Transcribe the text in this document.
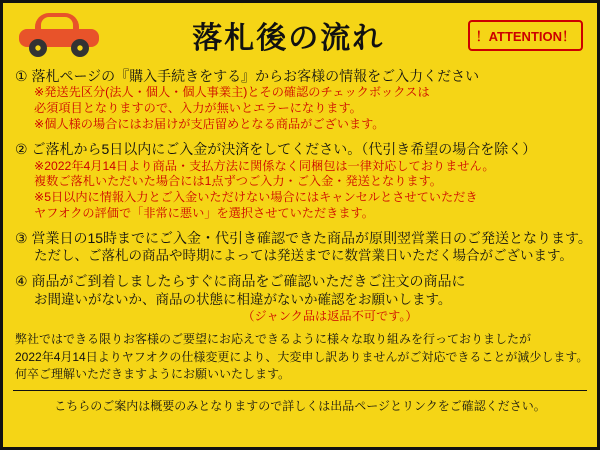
落札後の流れ	！ATTENTION！
① 落札ページの『購入手続きをする』からお客様の情報をご入力ください
※発送先区分(法人・個人・個人事業主)とその確認のチェックボックスは
必須項目となりますので、入力が無いとエラーになります。
※個人様の場合にはお届けが支店留めとなる商品がございます。
② ご落札から5日以内にご入金が決済をしてください。（代引き希望の場合を除く）
※2022年4月14日より商品・支払方法に関係なく同梱包は一律対応しておりません。
複数ご落札いただいた場合には1点ずつご入力・ご入金・発送となります。
※5日以内に情報入力とご入金いただけない場合にはキャンセルとさせていただき
ヤフオクの評価で「非常に悪い」を選択させていただきます。
③ 営業日の15時までにご入金・代引き確認できた商品が原則翌営業日のご発送となります。
ただし、ご落札の商品や時期によっては発送までに数営業日いただく場合がございます。
④ 商品がご到着しましたらすぐに商品をご確認いただきご注文の商品に
お間違いがないか、商品の状態に相違がないか確認をお願いします。
（ジャンク品は返品不可です。）
弊社ではできる限りお客様のご要望にお応えできるように様々な取り組みを行っておりましたが
2022年4月14日よりヤフオクの仕様変更により、大変申し訳ありませんがご対応できることが減少します。
何卒ご理解いただきますようにお願いいたします。
こちらのご案内は概要のみとなりますので詳しくは出品ページとリンクをご確認ください。
